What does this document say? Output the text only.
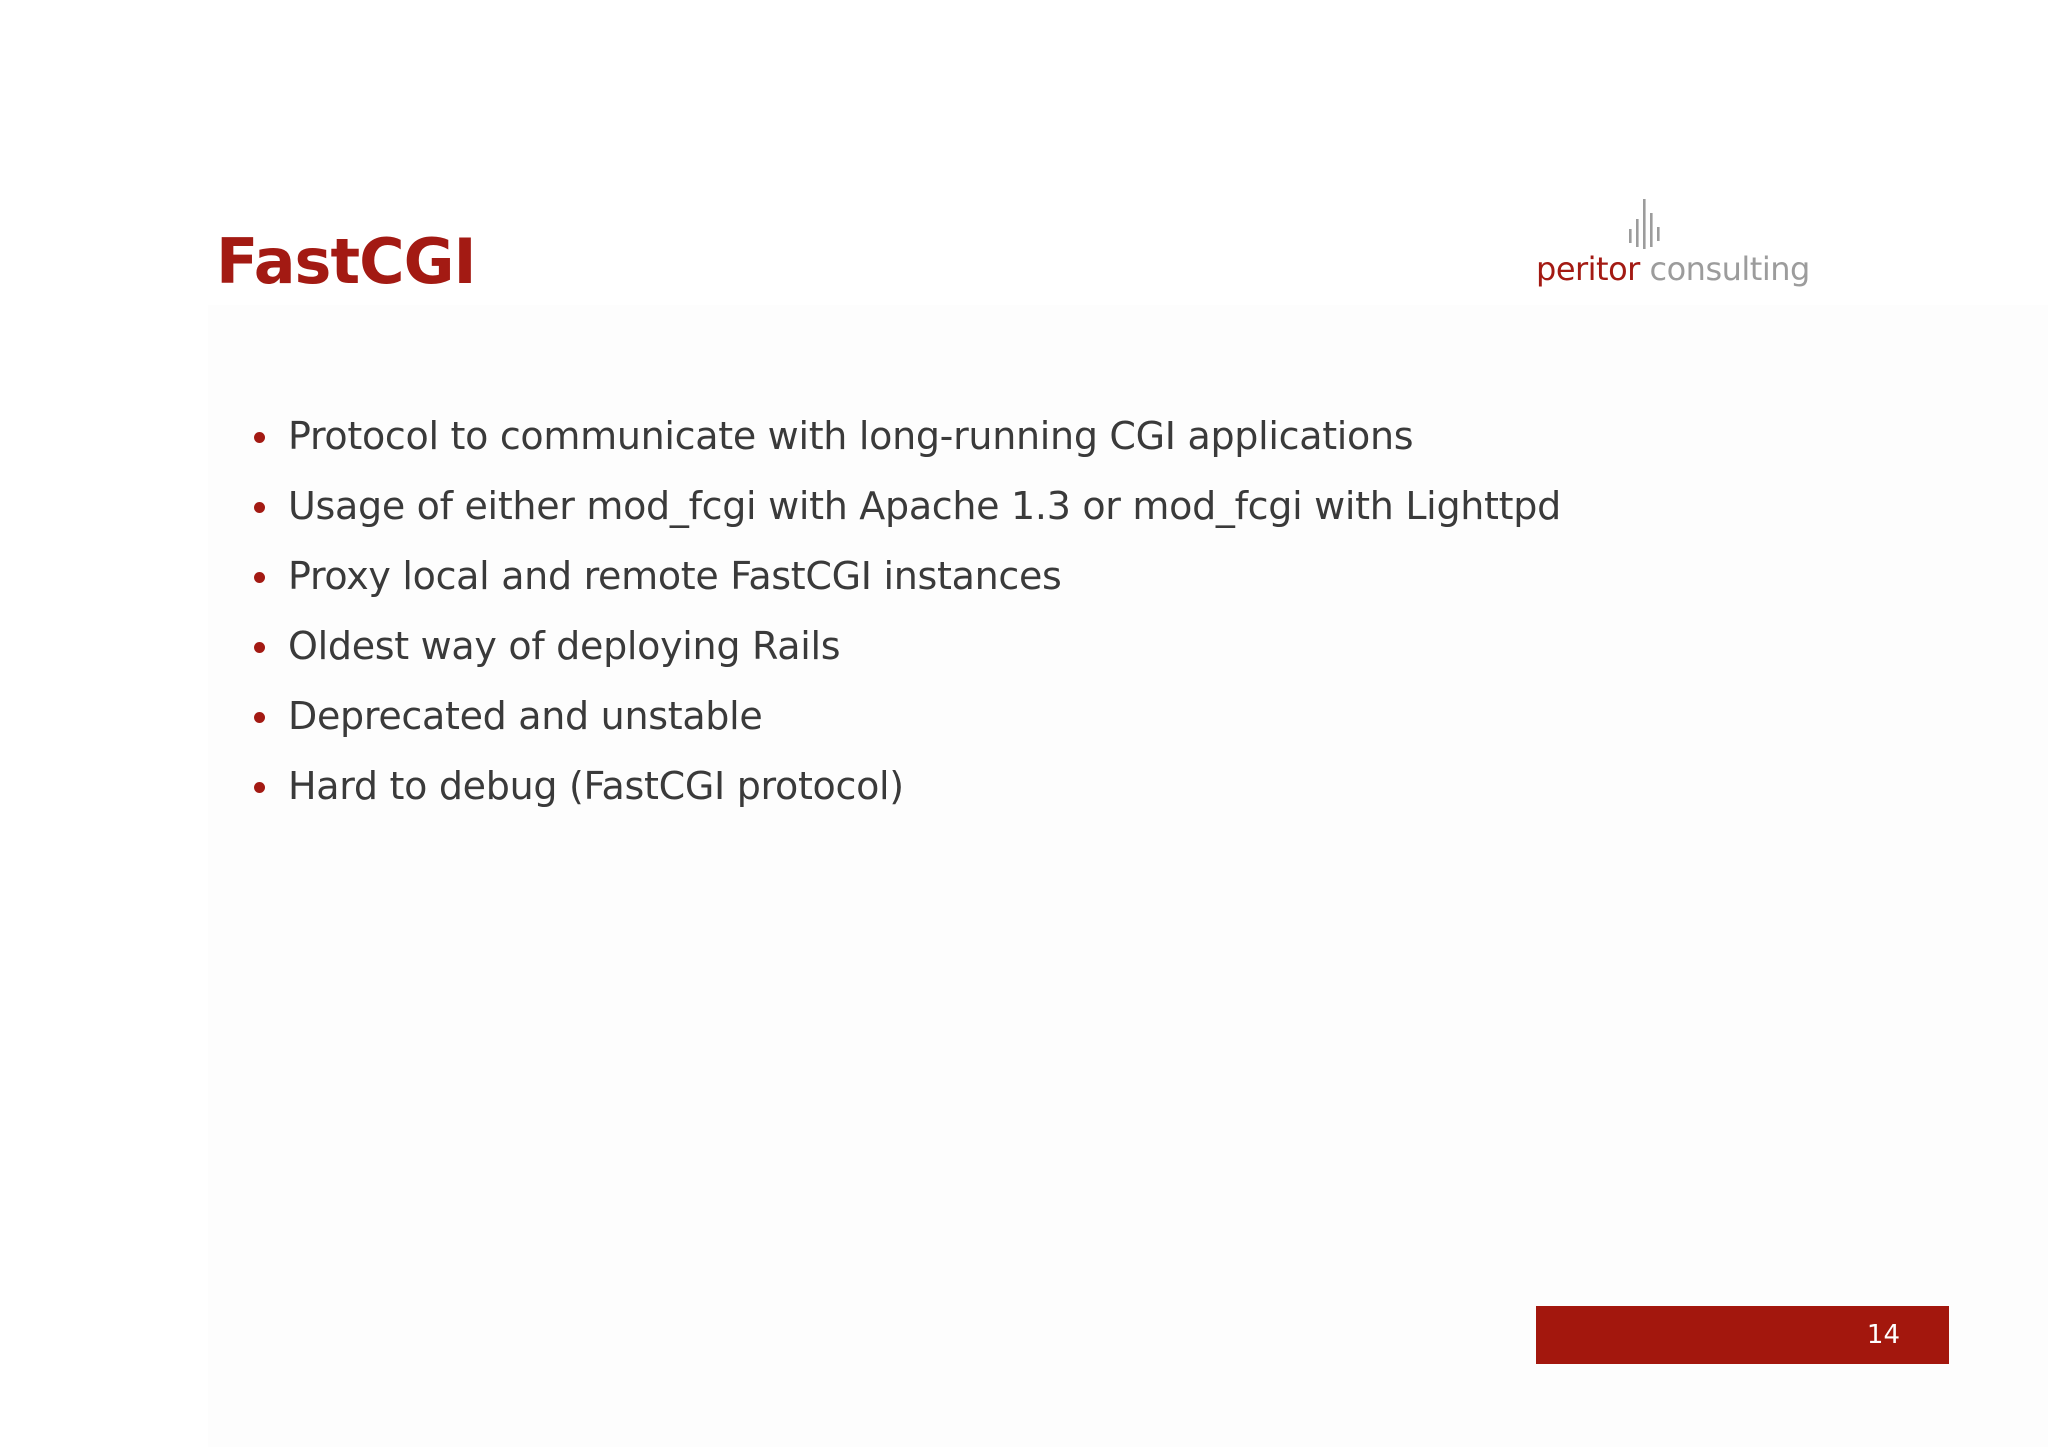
FastCGI	peritor consulting
Protocol to communicate with long-running CGI applications
Usage of either mod_fcgi with Apache 1.3 or mod_fcgi with Lighttpd
Proxy local and remote FastCGI instances
Oldest way of deploying Rails
Deprecated and unstable
Hard to debug (FastCGI protocol)
14
